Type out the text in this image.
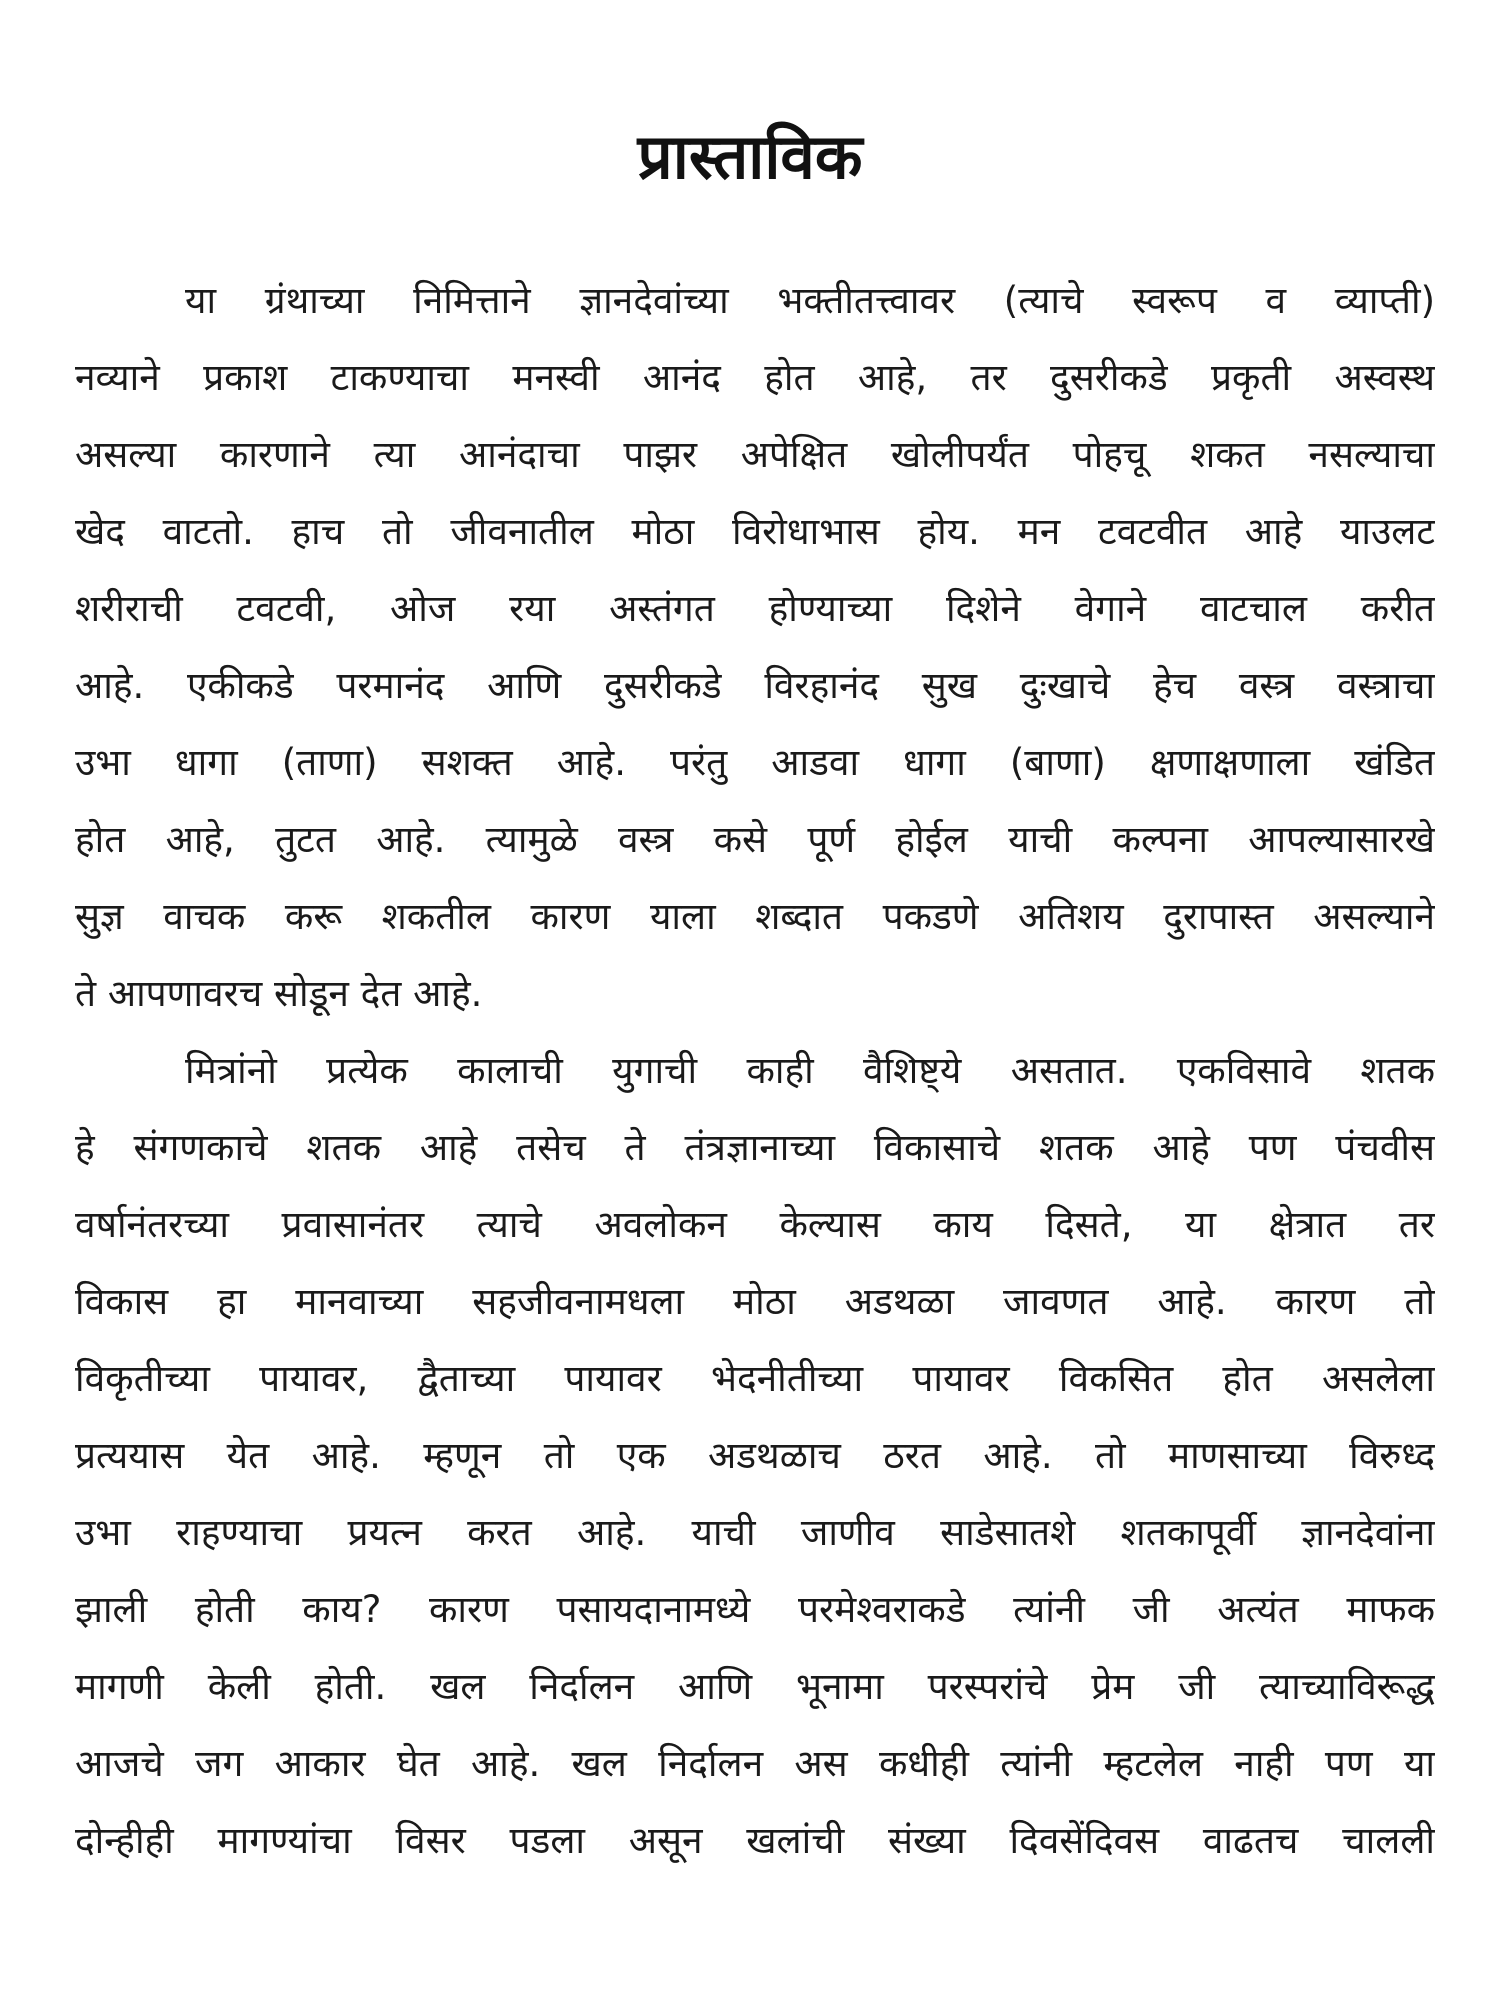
प्रास्ताविक
या ग्रंथाच्या निमित्ताने ज्ञानदेवांच्या भक्तीतत्त्वावर (त्याचे स्वरूप व व्याप्ती)
नव्याने प्रकाश टाकण्याचा मनस्वी आनंद होत आहे, तर दुसरीकडे प्रकृती अस्वस्थ
असल्या कारणाने त्या आनंदाचा पाझर अपेक्षित खोलीपर्यंत पोहचू शकत नसल्याचा
खेद वाटतो. हाच तो जीवनातील मोठा विरोधाभास होय. मन टवटवीत आहे याउलट
शरीराची टवटवी, ओज रया अस्तंगत होण्याच्या दिशेने वेगाने वाटचाल करीत
आहे. एकीकडे परमानंद आणि दुसरीकडे विरहानंद सुख दुःखाचे हेच वस्त्र वस्त्राचा
उभा धागा (ताणा) सशक्त आहे. परंतु आडवा धागा (बाणा) क्षणाक्षणाला खंडित
होत आहे, तुटत आहे. त्यामुळे वस्त्र कसे पूर्ण होईल याची कल्पना आपल्यासारखे
सुज्ञ वाचक करू शकतील कारण याला शब्दात पकडणे अतिशय दुरापास्त असल्याने
ते आपणावरच सोडून देत आहे.
मित्रांनो प्रत्येक कालाची युगाची काही वैशिष्ट्ये असतात. एकविसावे शतक
हे संगणकाचे शतक आहे तसेच ते तंत्रज्ञानाच्या विकासाचे शतक आहे पण पंचवीस
वर्षानंतरच्या प्रवासानंतर त्याचे अवलोकन केल्यास काय दिसते, या क्षेत्रात तर
विकास हा मानवाच्या सहजीवनामधला मोठा अडथळा जावणत आहे. कारण तो
विकृतीच्या पायावर, द्वैताच्या पायावर भेदनीतीच्या पायावर विकसित होत असलेला
प्रत्ययास येत आहे. म्हणून तो एक अडथळाच ठरत आहे. तो माणसाच्या विरुध्द
उभा राहण्याचा प्रयत्न करत आहे. याची जाणीव साडेसातशे शतकापूर्वी ज्ञानदेवांना
झाली होती काय? कारण पसायदानामध्ये परमेश्वराकडे त्यांनी जी अत्यंत माफक
मागणी केली होती. खल निर्दालन आणि भूनामा परस्परांचे प्रेम जी त्याच्याविरूद्ध
आजचे जग आकार घेत आहे. खल निर्दालन अस कधीही त्यांनी म्हटलेल नाही पण या
दोन्हीही मागण्यांचा विसर पडला असून खलांची संख्या दिवसेंदिवस वाढतच चालली
